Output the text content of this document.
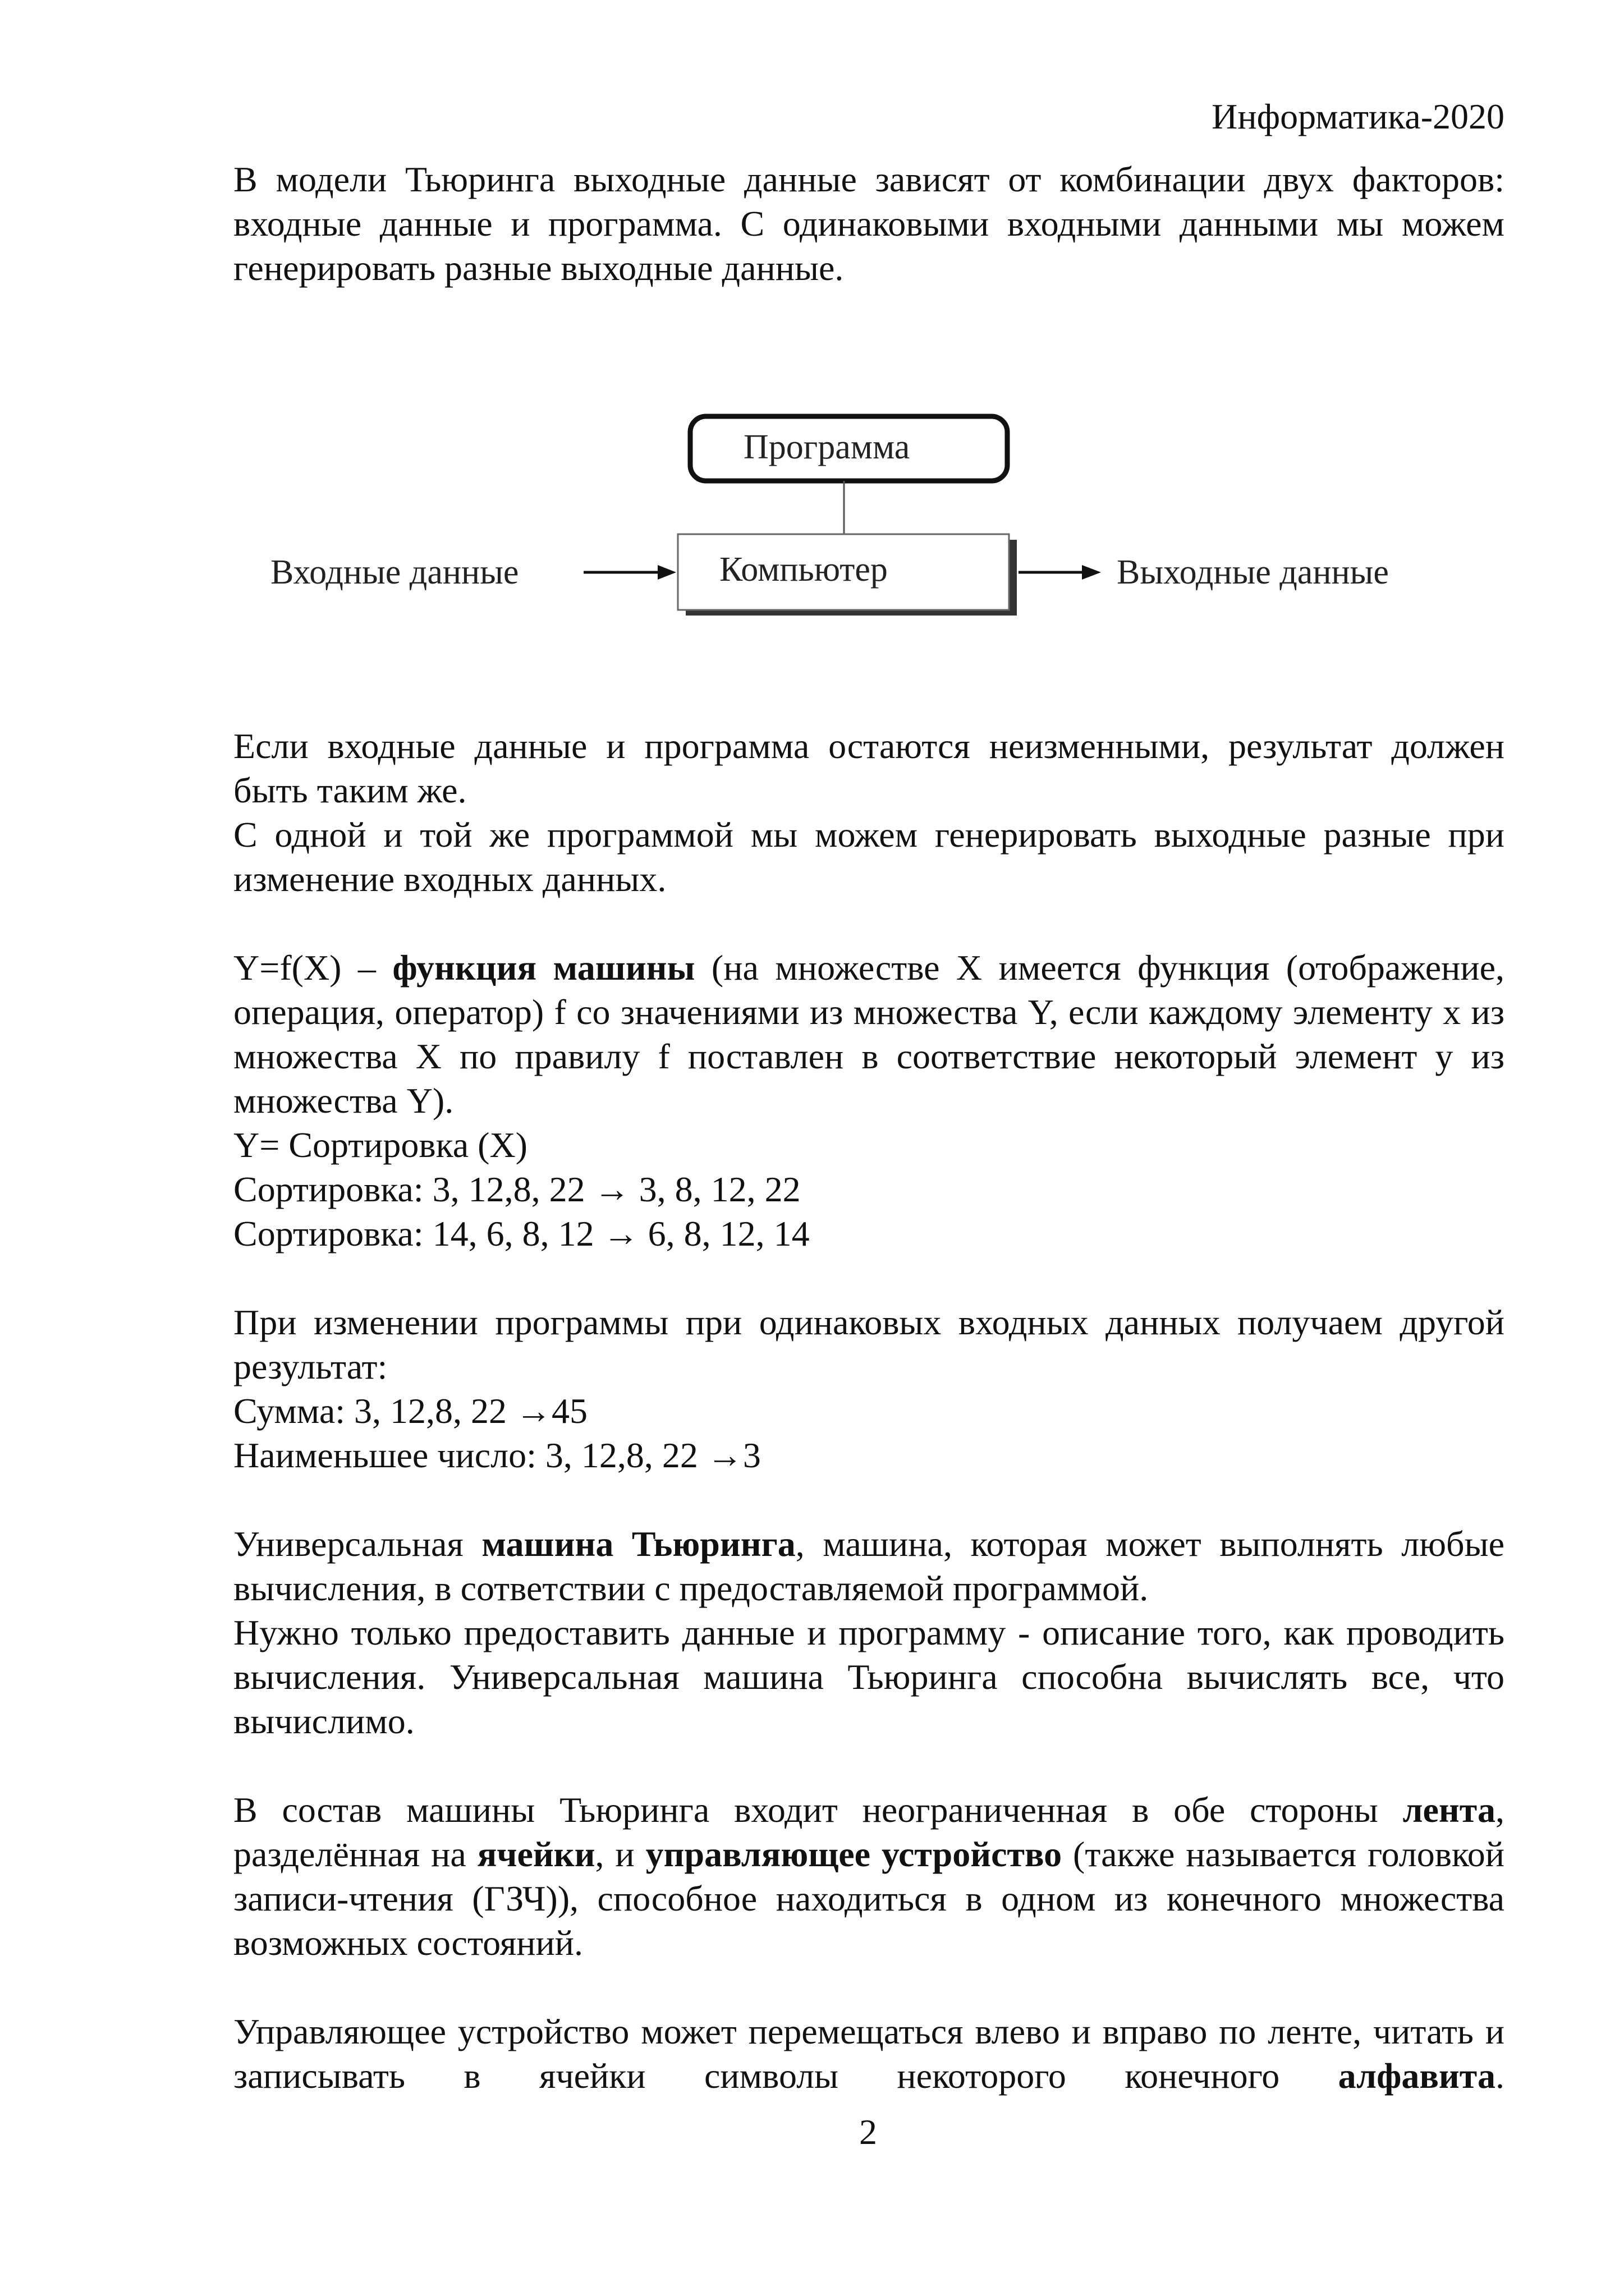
Информатика-2020

В модели Тьюринга выходные данные зависят от комбинации двух факторов: входные данные и программа. С одинаковыми входными данными мы можем генерировать разные выходные данные.

Программа
Компьютер
Входные данные	Выходные данные

Если входные данные и программа остаются неизменными, результат должен быть таким же.

С одной и той же программой мы можем генерировать выходные разные при изменение входных данных.

Y=f(X) – функция машины (на множестве X имеется функция (отображение, операция, оператор) f со значениями из множества Y, если каждому элементу x из множества X по правилу f поставлен в соответствие некоторый элемент y из множества Y).

Y= Сортировка (X)

Сортировка: 3, 12,8, 22 → 3, 8, 12, 22

Сортировка: 14, 6, 8, 12 → 6, 8, 12, 14

При изменении программы при одинаковых входных данных получаем другой результат:

Сумма: 3, 12,8, 22 →45

Наименьшее число: 3, 12,8, 22 →3

Универсальная машина Тьюринга, машина, которая может выполнять любые вычисления, в сответствии с предоставляемой программой.

Нужно только предоставить данные и программу - описание того, как проводить вычисления. Универсальная машина Тьюринга способна вычислять все, что вычислимо.

В состав машины Тьюринга входит неограниченная в обе стороны лента, разделённая на ячейки, и управляющее устройство (также называется головкой записи-чтения (ГЗЧ)), способное находиться в одном из конечного множества возможных состояний.

Управляющее устройство может перемещаться влево и вправо по ленте, читать и записывать в ячейки символы некоторого конечного алфавита.

2
